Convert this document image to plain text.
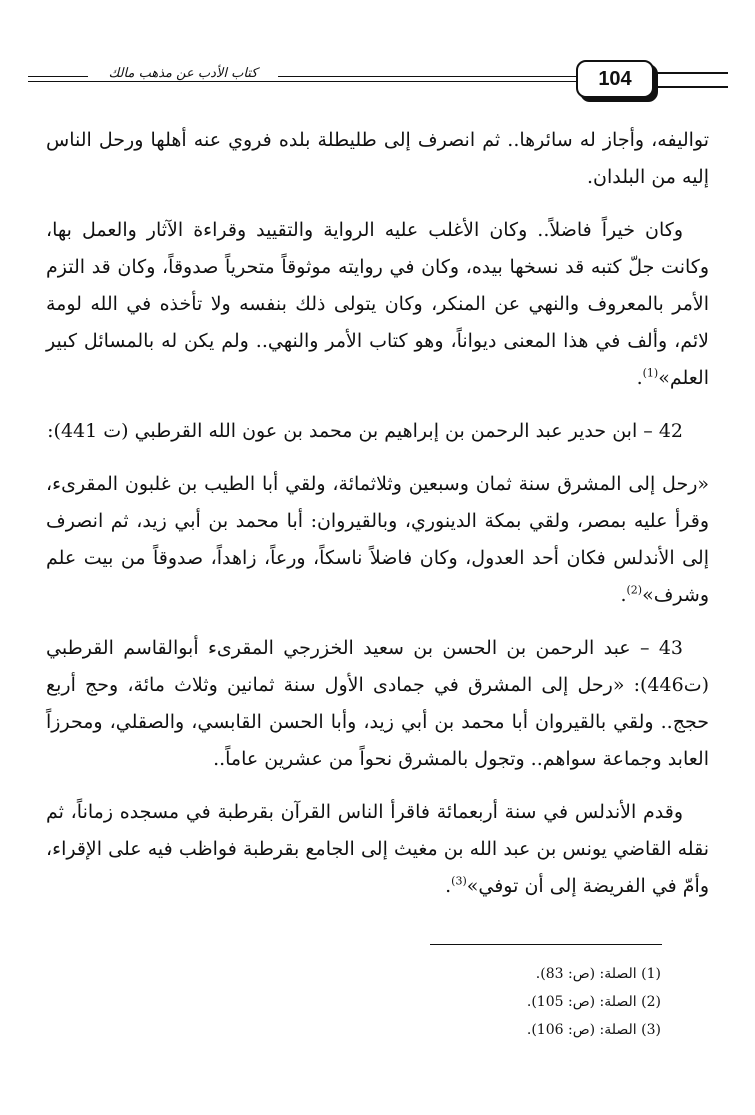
كتاب الأدب عن مذهب مالك	104

تواليفه، وأجاز له سائرها.. ثم انصرف إلى طليطلة بلده فروي عنه أهلها ورحل الناس إليه من البلدان.

وكان خيراً فاضلاً.. وكان الأغلب عليه الرواية والتقييد وقراءة الآثار والعمل بها، وكانت جلّ كتبه قد نسخها بيده، وكان في روايته موثوقاً متحرياً صدوقاً، وكان قد التزم الأمر بالمعروف والنهي عن المنكر، وكان يتولى ذلك بنفسه ولا تأخذه في الله لومة لائم، وألف في هذا المعنى ديواناً، وهو كتاب الأمر والنهي.. ولم يكن له بالمسائل كبير العلم»$^{(1)}$.

42 – ابن حدير عبد الرحمن بن إبراهيم بن محمد بن عون الله القرطبي (ت 441):

«رحل إلى المشرق سنة ثمان وسبعين وثلاثمائة، ولقي أبا الطيب بن غلبون المقرىء، وقرأ عليه بمصر، ولقي بمكة الدينوري، وبالقيروان: أبا محمد بن أبي زيد، ثم انصرف إلى الأندلس فكان أحد العدول، وكان فاضلاً ناسكاً، ورعاً، زاهداً، صدوقاً من بيت علم وشرف»$^{(2)}$.

43 – عبد الرحمن بن الحسن بن سعيد الخزرجي المقرىء أبوالقاسم القرطبي (ت446): «رحل إلى المشرق في جمادى الأول سنة ثمانين وثلاث مائة، وحج أربع حجج.. ولقي بالقيروان أبا محمد بن أبي زيد، وأبا الحسن القابسي، والصقلي، ومحرزاً العابد وجماعة سواهم.. وتجول بالمشرق نحواً من عشرين عاماً..

وقدم الأندلس في سنة أربعمائة فاقرأ الناس القرآن بقرطبة في مسجده زماناً، ثم نقله القاضي يونس بن عبد الله بن مغيث إلى الجامع بقرطبة فواظب فيه على الإقراء، وأمّ في الفريضة إلى أن توفي»$^{(3)}$.

(1) الصلة: (ص: 83).
(2) الصلة: (ص: 105).
(3) الصلة: (ص: 106).
